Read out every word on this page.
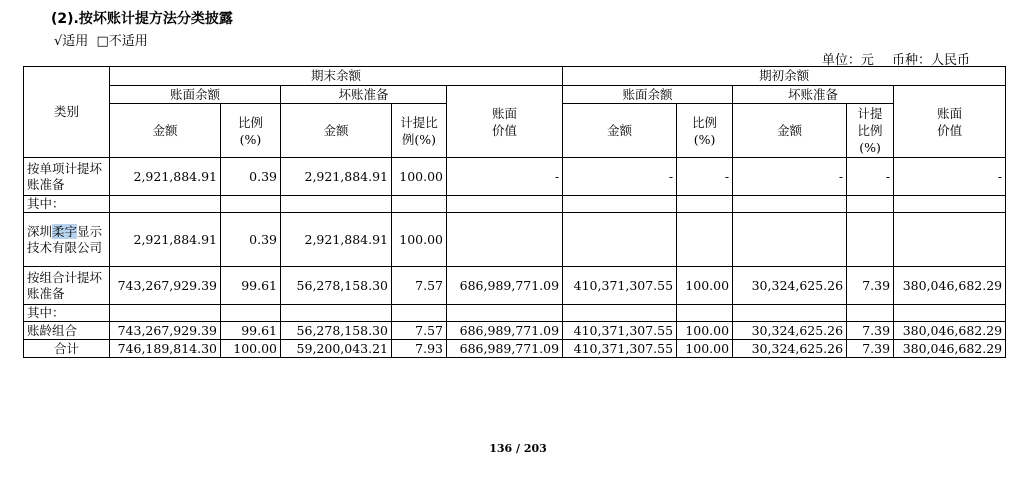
(2).按坏账计提方法分类披露
√适用 □不适用
单位：元 币种：人民币
类别	期末余额					期初余额				
	账面余额		坏账准备		账面价值	账面余额		坏账准备		账面价值

	金额	比例(%)	金额	计提比例(%)		金额	比例(%)	金额	计提比例(%)	

按单项计提坏账准备	2,921,884.91	0.39	2,921,884.91	100.00	-	-	-	-	-	-
其中：										
深圳柔宇显示技术有限公司	2,921,884.91	0.39	2,921,884.91	100.00						
按组合计提坏账准备	743,267,929.39	99.61	56,278,158.30	7.57	686,989,771.09	410,371,307.55	100.00	30,324,625.26	7.39	380,046,682.29
其中：										
账龄组合	743,267,929.39	99.61	56,278,158.30	7.57	686,989,771.09	410,371,307.55	100.00	30,324,625.26	7.39	380,046,682.29
合计	746,189,814.30	100.00	59,200,043.21	7.93	686,989,771.09	410,371,307.55	100.00	30,324,625.26	7.39	380,046,682.29
136 / 203
